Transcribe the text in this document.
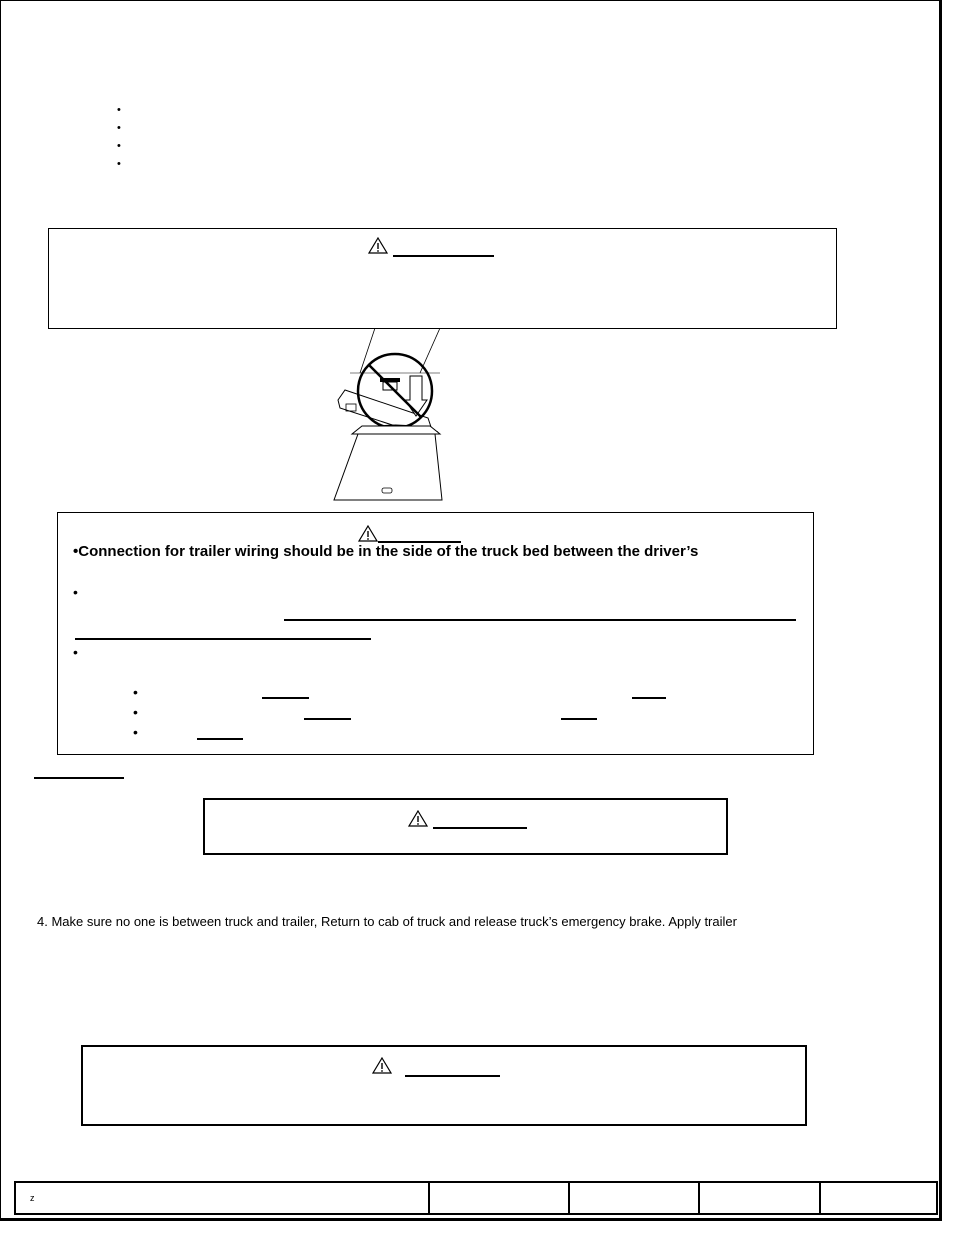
•
•
•
•
•Connection for trailer wiring should be in the side of the truck bed between the driver’s
•
•
•
•
•
4. Make sure no one is between truck and trailer, Return to cab of truck and release truck’s emergency brake. Apply trailer
z				
